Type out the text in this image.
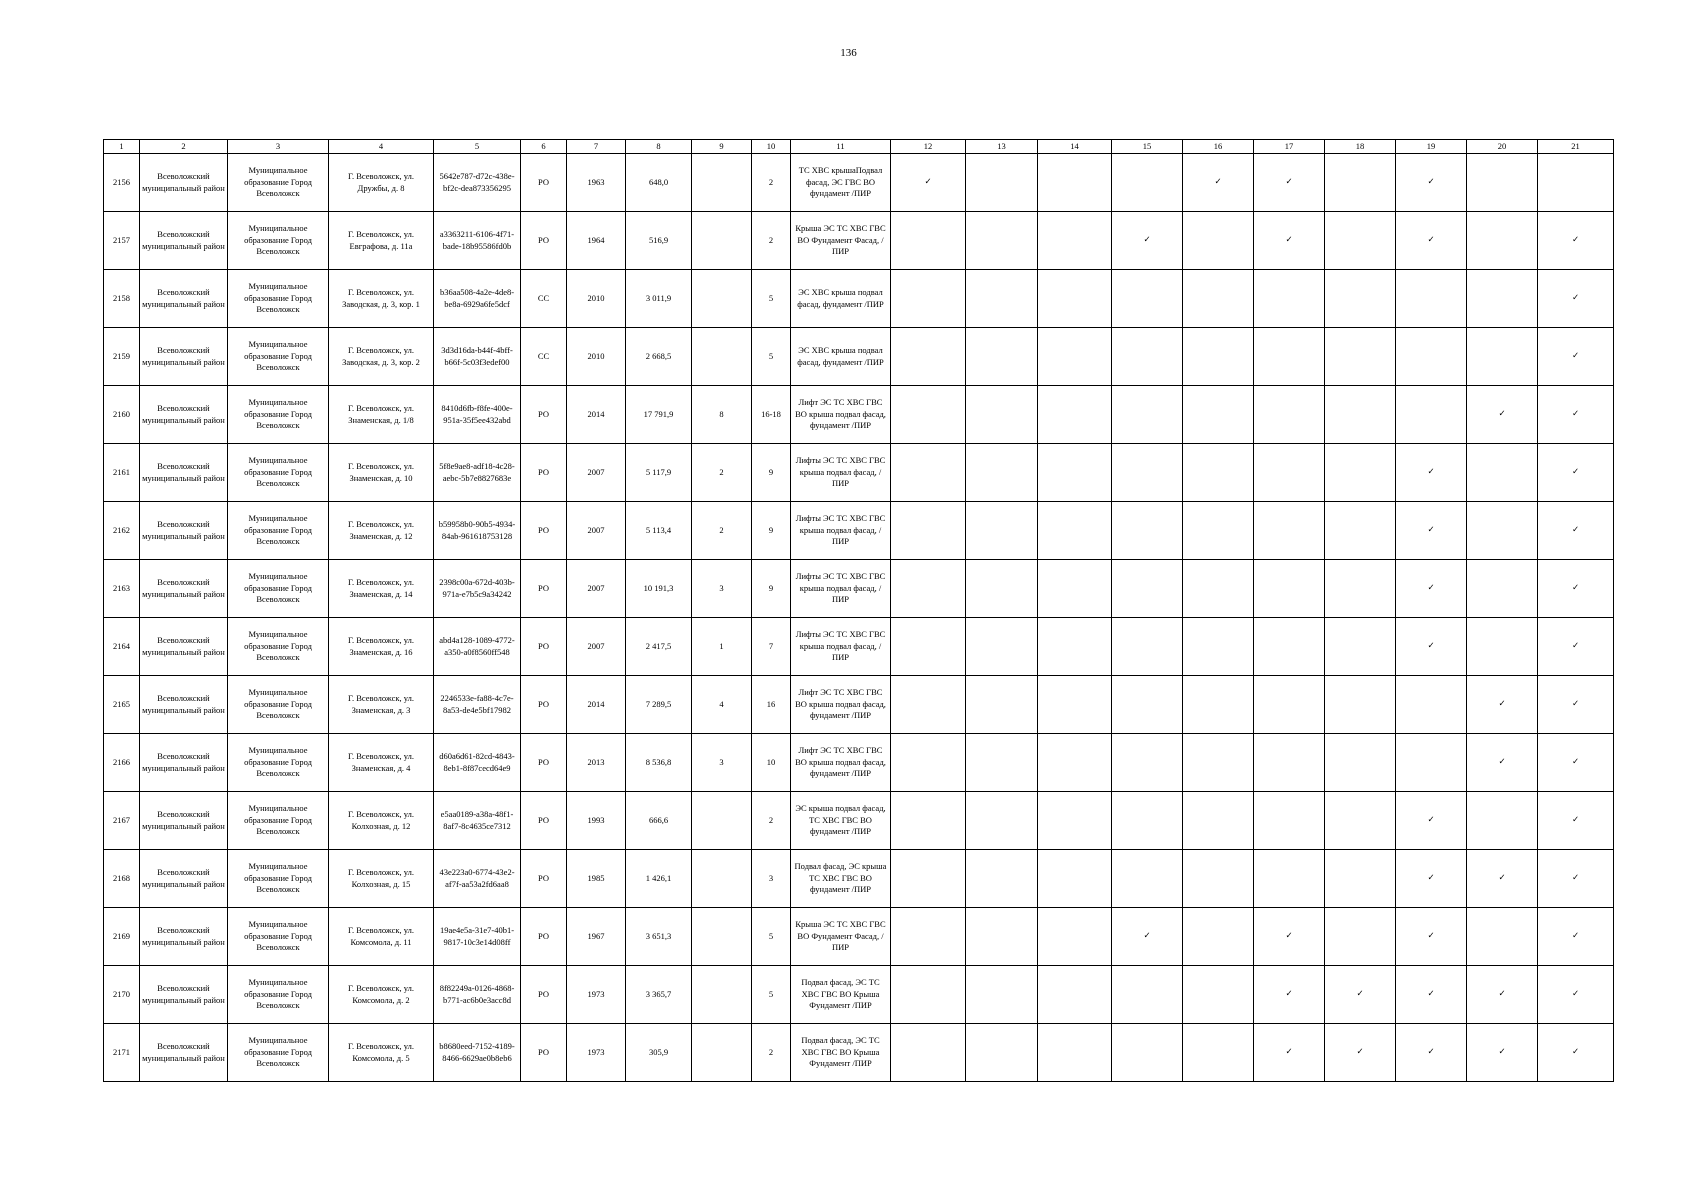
136
1	2	3	4	5	6	7	8	9	10	11	12	13	14	15	16	17	18	19	20	21
2156	Всеволожский муниципальный район	Муниципальное образование Город Всеволожск	Г. Всеволожск, ул. Дружбы, д. 8	5642e787-d72c-438e-bf2c-dea873356295	РО	1963	648,0		2	ТС ХВС крышаПодвал фасад, ЭС ГВС ВО фундамент /ПИР	✓				✓	✓		✓		
2157	Всеволожский муниципальный район	Муниципальное образование Город Всеволожск	Г. Всеволожск, ул. Евграфова, д. 11а	a3363211-6106-4f71-bade-18b95586fd0b	РО	1964	516,9		2	Крыша ЭС ТС ХВС ГВС ВО Фундамент Фасад, /ПИР				✓		✓		✓		✓
2158	Всеволожский муниципальный район	Муниципальное образование Город Всеволожск	Г. Всеволожск, ул. Заводская, д. 3, кор. 1	b36aa508-4a2e-4de8-be8a-6929a6fe5dcf	СС	2010	3 011,9		5	ЭС ХВС крыша подвал фасад, фундамент /ПИР										✓
2159	Всеволожский муниципальный район	Муниципальное образование Город Всеволожск	Г. Всеволожск, ул. Заводская, д. 3, кор. 2	3d3d16da-b44f-4bff-b66f-5c03f3edef00	СС	2010	2 668,5		5	ЭС ХВС крыша подвал фасад, фундамент /ПИР										✓
2160	Всеволожский муниципальный район	Муниципальное образование Город Всеволожск	Г. Всеволожск, ул. Знаменская, д. 1/8	8410d6fb-f8fe-400e-951a-35f5ee432abd	РО	2014	17 791,9	8	16-18	Лифт ЭС ТС ХВС ГВС ВО крыша подвал фасад, фундамент /ПИР									✓	✓
2161	Всеволожский муниципальный район	Муниципальное образование Город Всеволожск	Г. Всеволожск, ул. Знаменская, д. 10	5f8e9ae8-adf18-4c28-aebc-5b7e8827683e	РО	2007	5 117,9	2	9	Лифты ЭС ТС ХВС ГВС крыша подвал фасад, /ПИР								✓		✓
2162	Всеволожский муниципальный район	Муниципальное образование Город Всеволожск	Г. Всеволожск, ул. Знаменская, д. 12	b59958b0-90b5-4934-84ab-961618753128	РО	2007	5 113,4	2	9	Лифты ЭС ТС ХВС ГВС крыша подвал фасад, /ПИР								✓		✓
2163	Всеволожский муниципальный район	Муниципальное образование Город Всеволожск	Г. Всеволожск, ул. Знаменская, д. 14	2398c00a-672d-403b-971a-e7b5c9a34242	РО	2007	10 191,3	3	9	Лифты ЭС ТС ХВС ГВС крыша подвал фасад, /ПИР								✓		✓
2164	Всеволожский муниципальный район	Муниципальное образование Город Всеволожск	Г. Всеволожск, ул. Знаменская, д. 16	abd4a128-1089-4772-a350-a0f8560ff548	РО	2007	2 417,5	1	7	Лифты ЭС ТС ХВС ГВС крыша подвал фасад, /ПИР								✓		✓
2165	Всеволожский муниципальный район	Муниципальное образование Город Всеволожск	Г. Всеволожск, ул. Знаменская, д. 3	2246533e-fa88-4c7e-8a53-de4e5bf17982	РО	2014	7 289,5	4	16	Лифт ЭС ТС ХВС ГВС ВО крыша подвал фасад, фундамент /ПИР									✓	✓
2166	Всеволожский муниципальный район	Муниципальное образование Город Всеволожск	Г. Всеволожск, ул. Знаменская, д. 4	d60a6d61-82cd-4843-8eb1-8f87cecd64e9	РО	2013	8 536,8	3	10	Лифт ЭС ТС ХВС ГВС ВО крыша подвал фасад, фундамент /ПИР									✓	✓
2167	Всеволожский муниципальный район	Муниципальное образование Город Всеволожск	Г. Всеволожск, ул. Колхозная, д. 12	e5aa0189-a38a-48f1-8af7-8c4635ce7312	РО	1993	666,6		2	ЭС крыша подвал фасад, ТС ХВС ГВС ВО фундамент /ПИР								✓		✓
2168	Всеволожский муниципальный район	Муниципальное образование Город Всеволожск	Г. Всеволожск, ул. Колхозная, д. 15	43e223a0-6774-43e2-af7f-aa53a2fd6aa8	РО	1985	1 426,1		3	Подвал фасад, ЭС крыша ТС ХВС ГВС ВО фундамент /ПИР								✓	✓	✓
2169	Всеволожский муниципальный район	Муниципальное образование Город Всеволожск	Г. Всеволожск, ул. Комсомола, д. 11	19ae4e5a-31e7-40b1-9817-10c3e14d08ff	РО	1967	3 651,3		5	Крыша ЭС ТС ХВС ГВС ВО Фундамент Фасад, /ПИР				✓		✓		✓		✓
2170	Всеволожский муниципальный район	Муниципальное образование Город Всеволожск	Г. Всеволожск, ул. Комсомола, д. 2	8f82249a-0126-4868-b771-ac6b0e3acc8d	РО	1973	3 365,7		5	Подвал фасад, ЭС ТС ХВС ГВС ВО Крыша Фундамент /ПИР						✓	✓	✓	✓	✓
2171	Всеволожский муниципальный район	Муниципальное образование Город Всеволожск	Г. Всеволожск, ул. Комсомола, д. 5	b8680eed-7152-4189-8466-6629ae0b8eb6	РО	1973	305,9		2	Подвал фасад, ЭС ТС ХВС ГВС ВО Крыша Фундамент /ПИР						✓	✓	✓	✓	✓
